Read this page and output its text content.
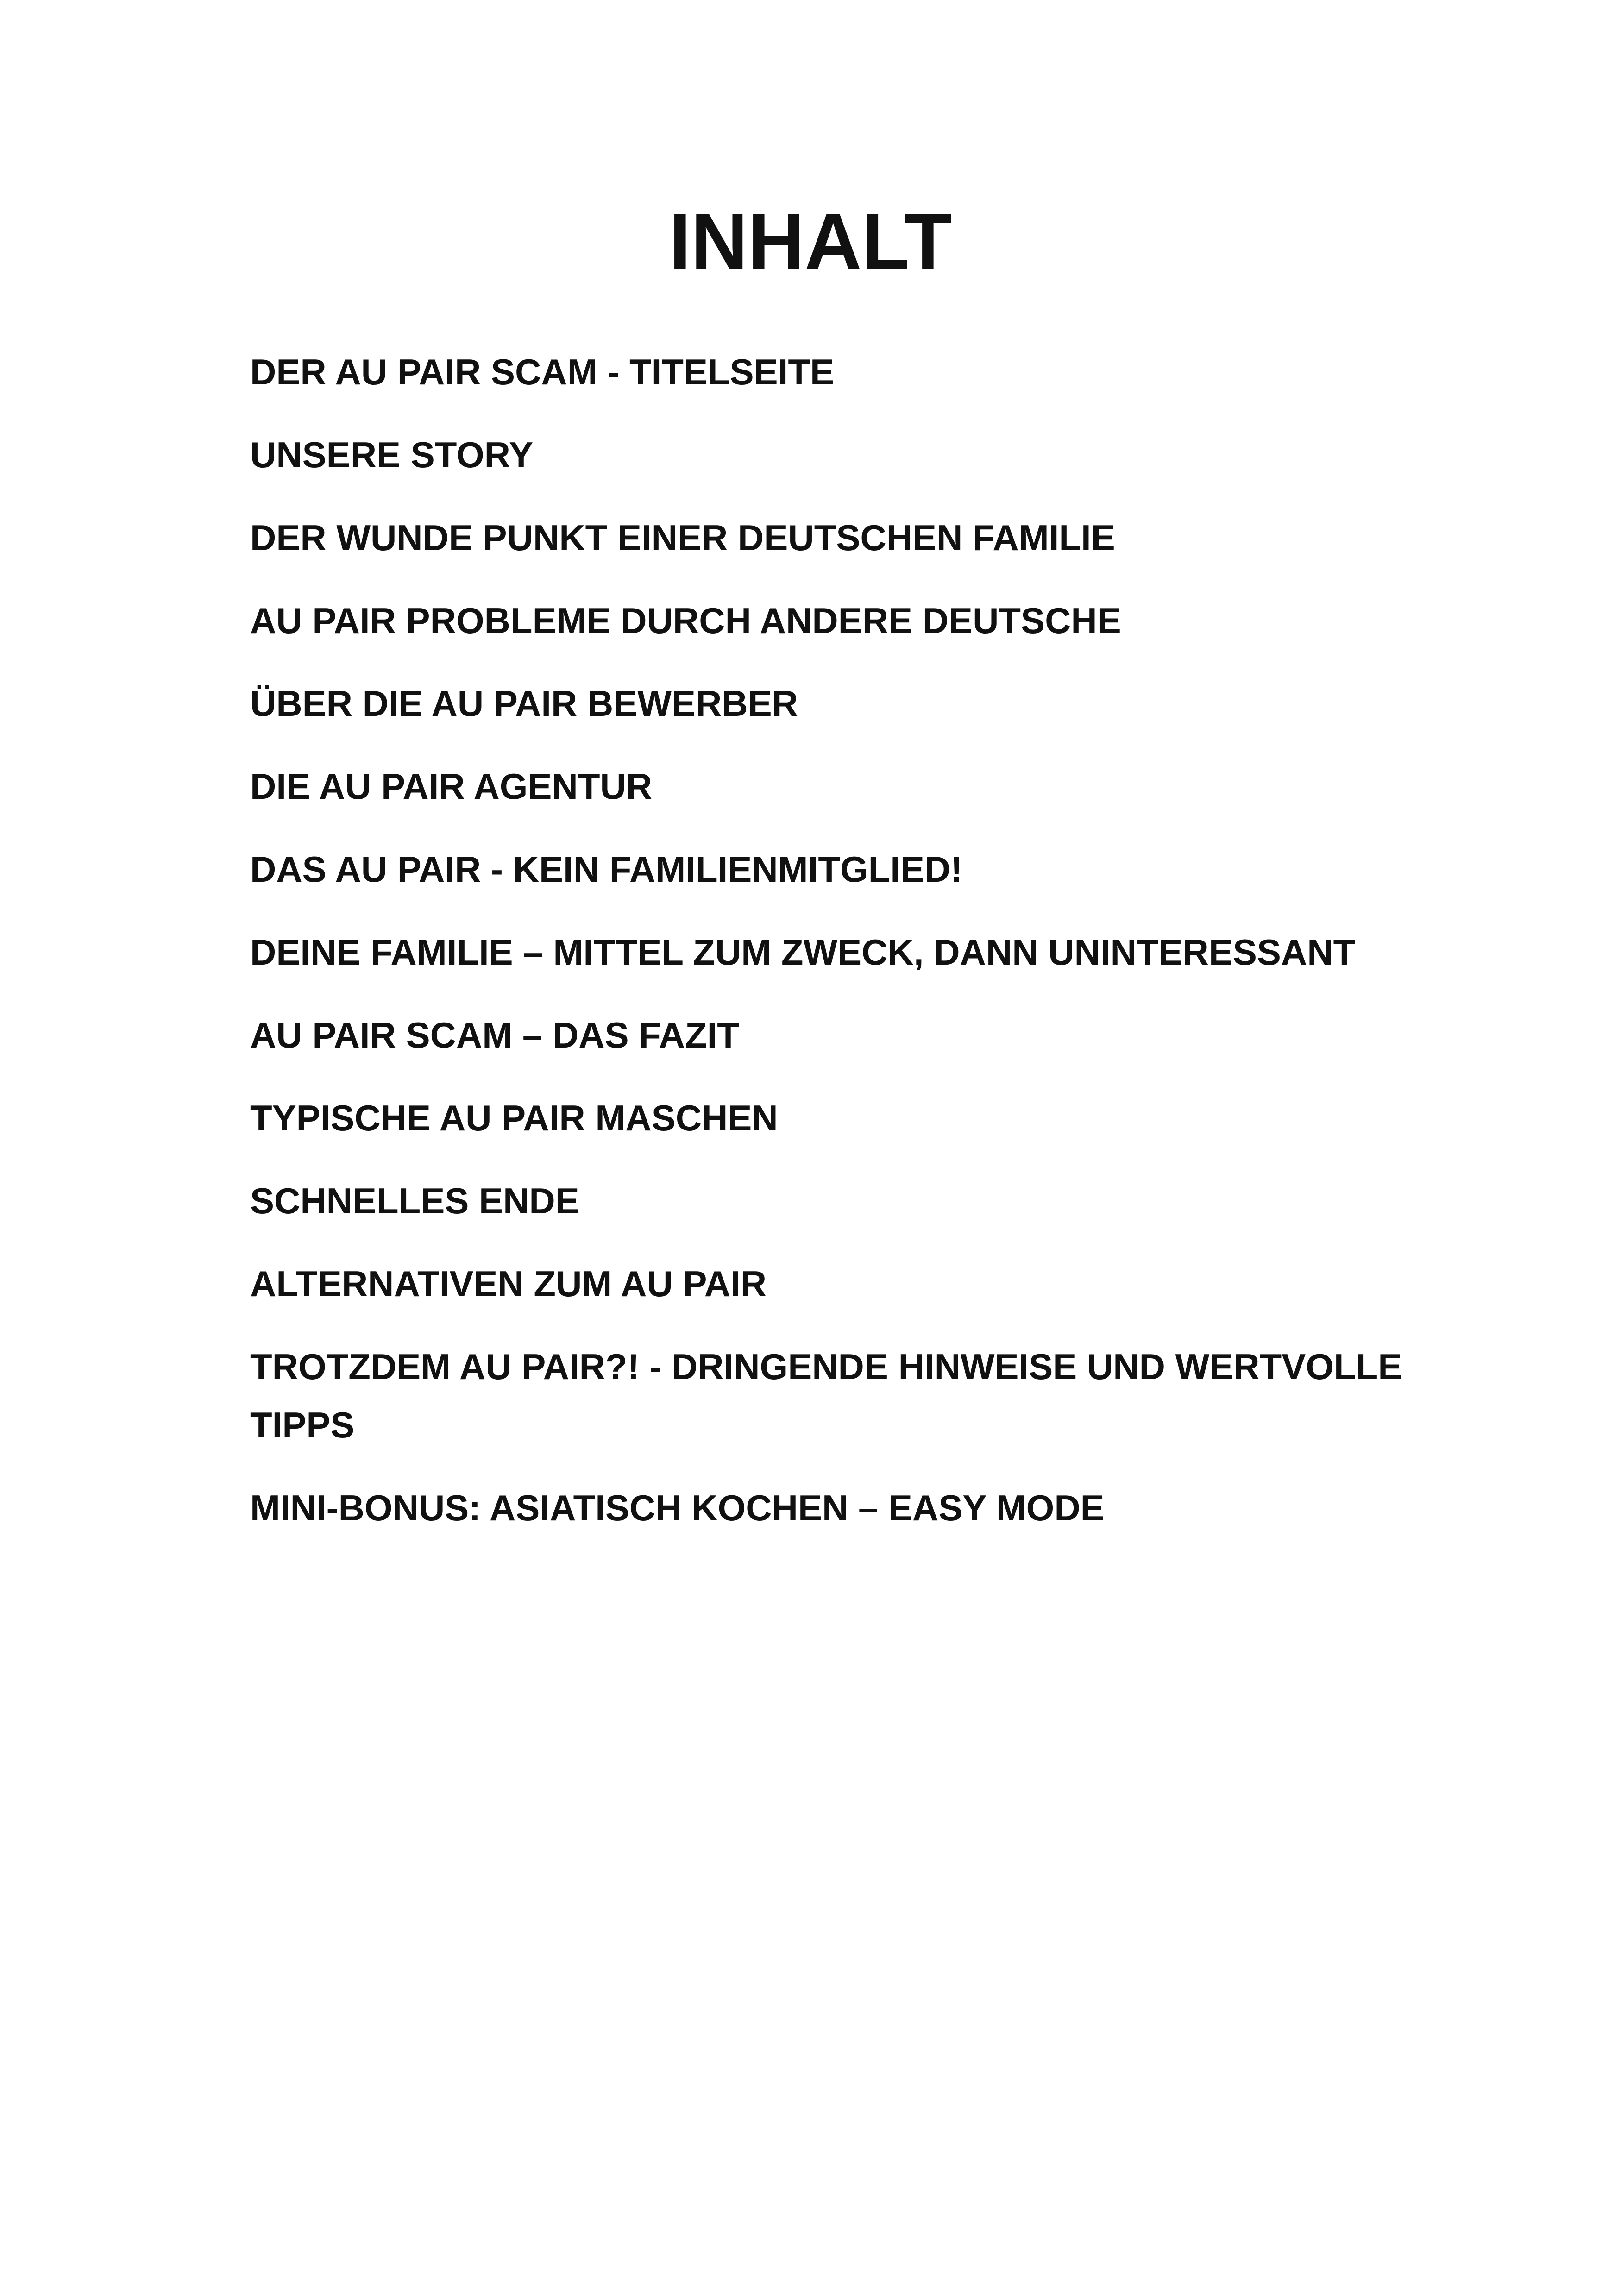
INHALT
DER AU PAIR SCAM - TITELSEITE
UNSERE STORY
DER WUNDE PUNKT EINER DEUTSCHEN FAMILIE
AU PAIR PROBLEME DURCH ANDERE DEUTSCHE
ÜBER DIE AU PAIR BEWERBER
DIE AU PAIR AGENTUR
DAS AU PAIR - KEIN FAMILIENMITGLIED!
DEINE FAMILIE – MITTEL ZUM ZWECK, DANN UNINTERESSANT
AU PAIR SCAM – DAS FAZIT
TYPISCHE AU PAIR MASCHEN
SCHNELLES ENDE
ALTERNATIVEN ZUM AU PAIR
TROTZDEM AU PAIR?! - DRINGENDE HINWEISE UND WERTVOLLE TIPPS
MINI-BONUS: ASIATISCH KOCHEN – EASY MODE
